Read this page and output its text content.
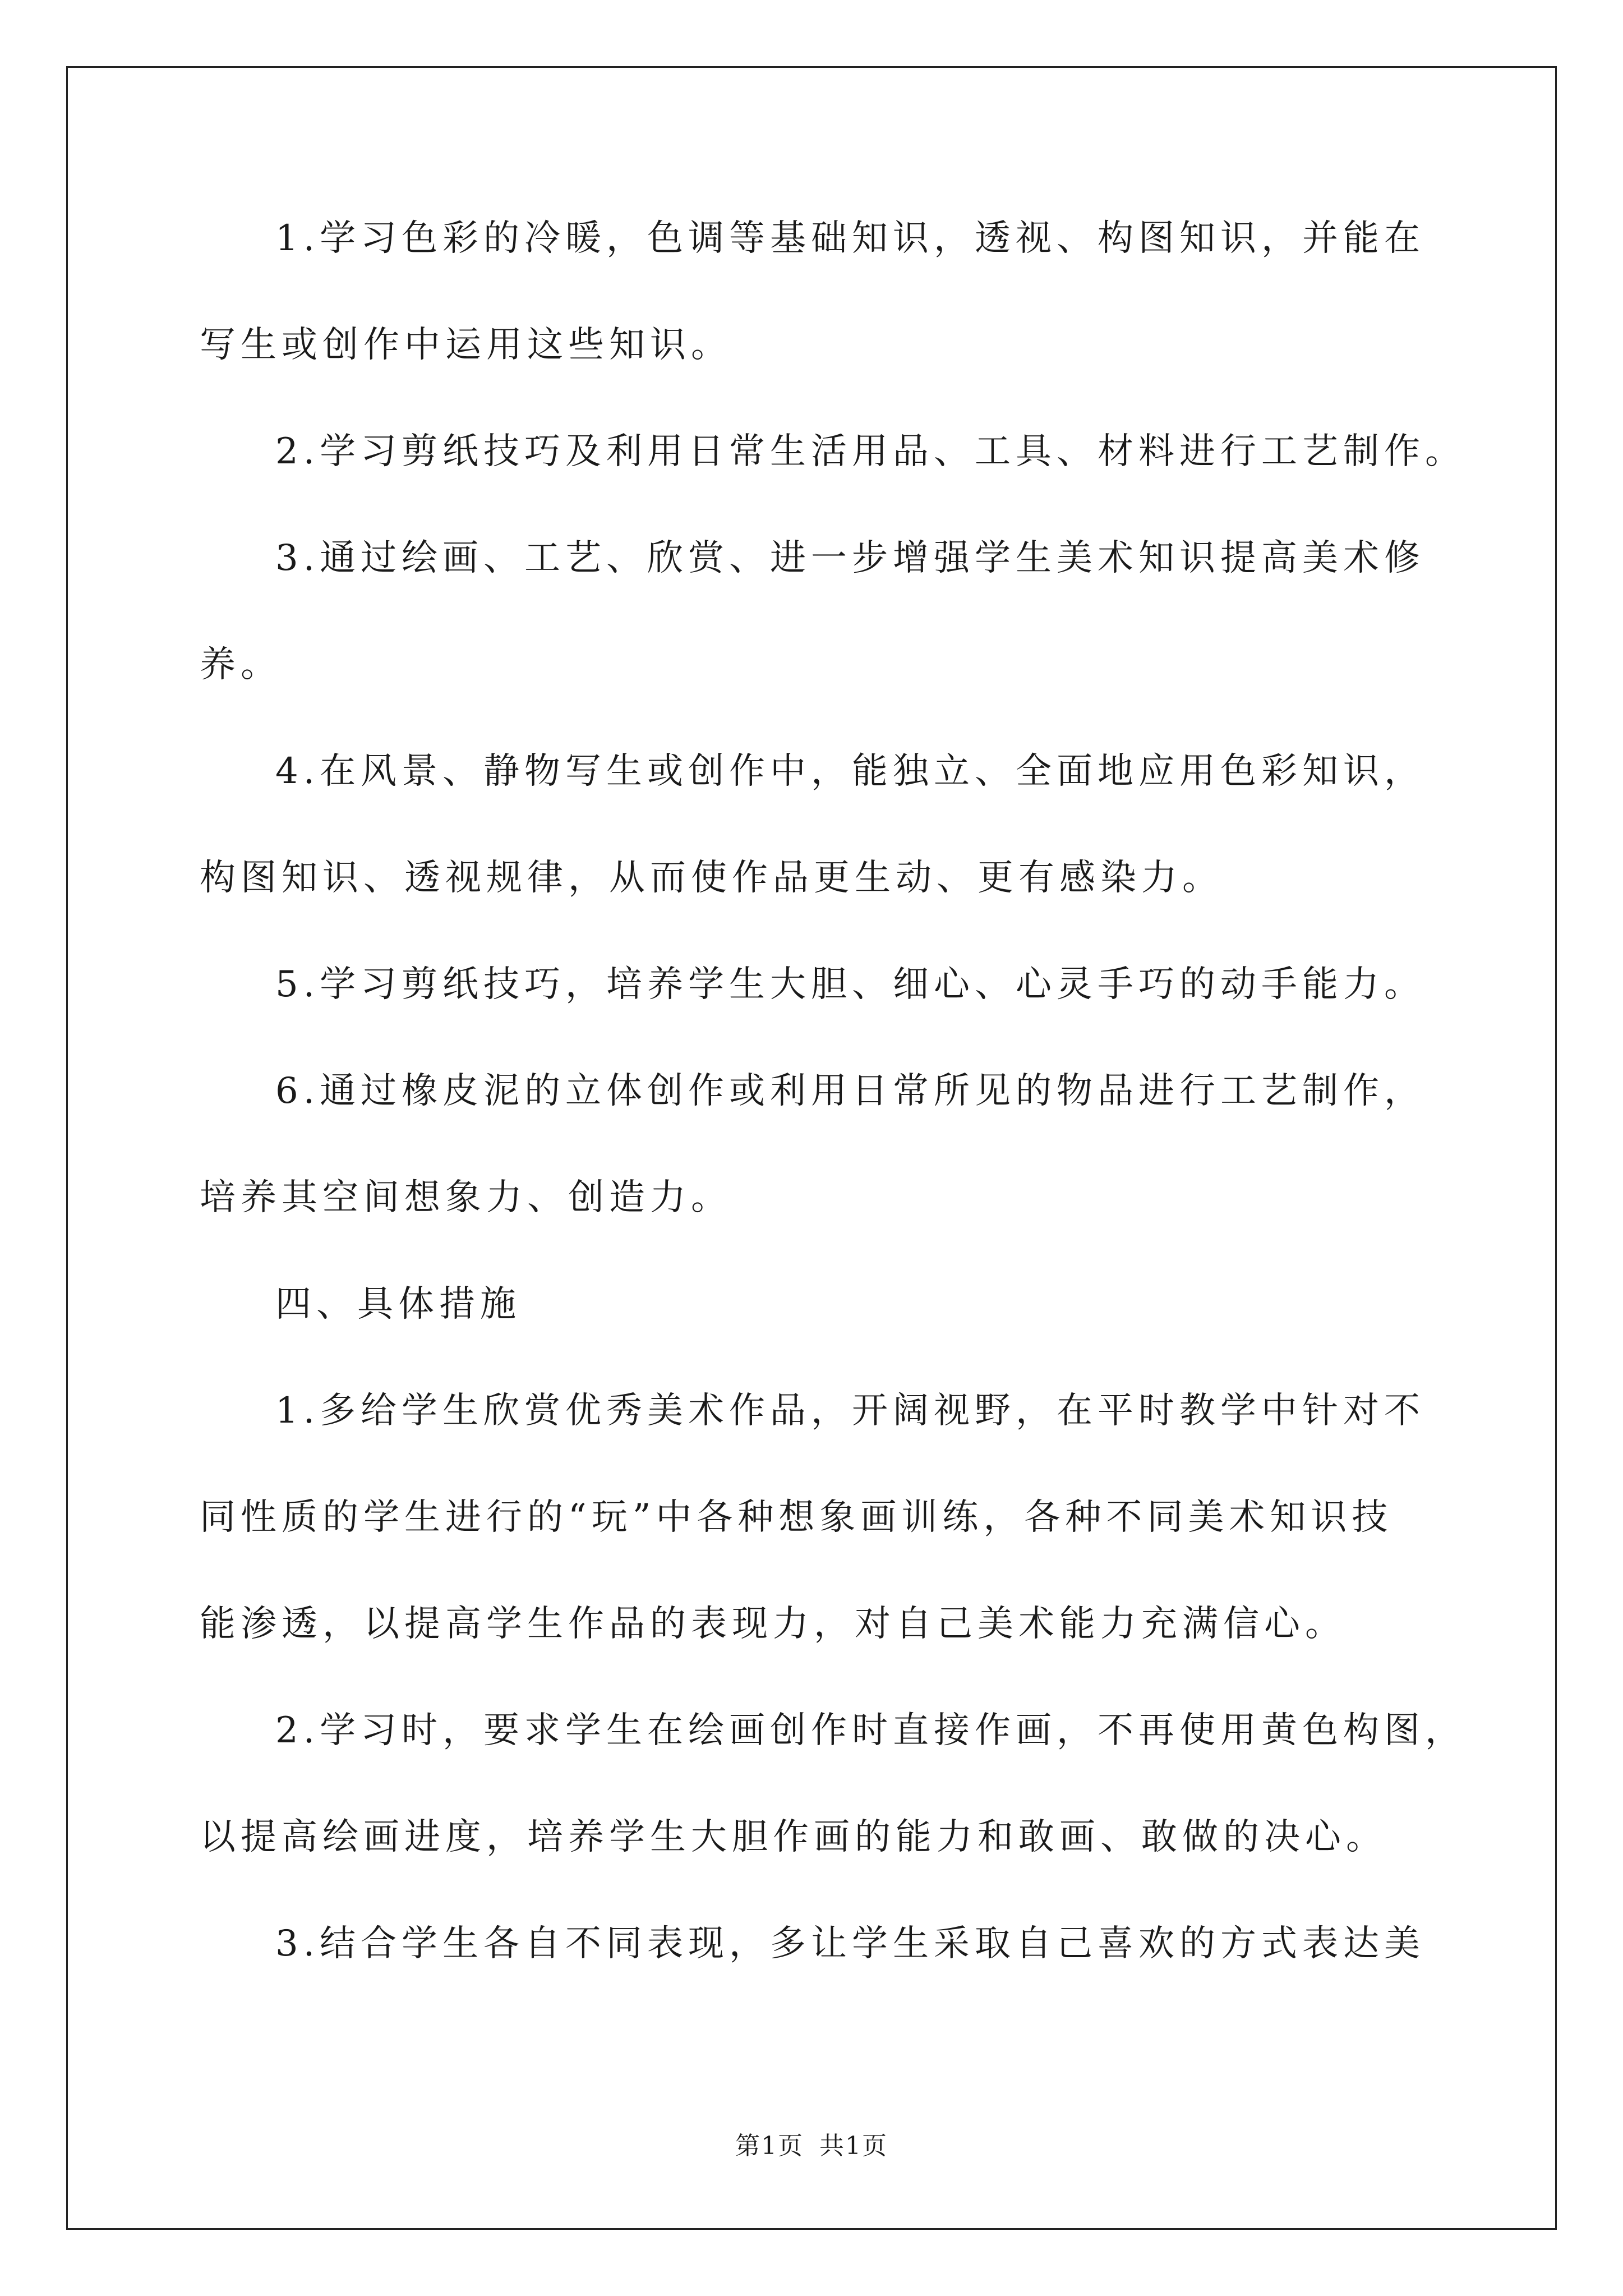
1.学习色彩的冷暖，色调等基础知识，透视、构图知识，并能在
写生或创作中运用这些知识。
2.学习剪纸技巧及利用日常生活用品、工具、材料进行工艺制作。
3.通过绘画、工艺、欣赏、进一步增强学生美术知识提高美术修
养。
4.在风景、静物写生或创作中，能独立、全面地应用色彩知识，
构图知识、透视规律，从而使作品更生动、更有感染力。
5.学习剪纸技巧，培养学生大胆、细心、心灵手巧的动手能力。
6.通过橡皮泥的立体创作或利用日常所见的物品进行工艺制作，
培养其空间想象力、创造力。
四、具体措施
1.多给学生欣赏优秀美术作品，开阔视野，在平时教学中针对不
同性质的学生进行的“玩”中各种想象画训练，各种不同美术知识技
能渗透，以提高学生作品的表现力，对自己美术能力充满信心。
2.学习时，要求学生在绘画创作时直接作画，不再使用黄色构图，
以提高绘画进度，培养学生大胆作画的能力和敢画、敢做的决心。
3.结合学生各自不同表现，多让学生采取自己喜欢的方式表达美
第1页 共1页
